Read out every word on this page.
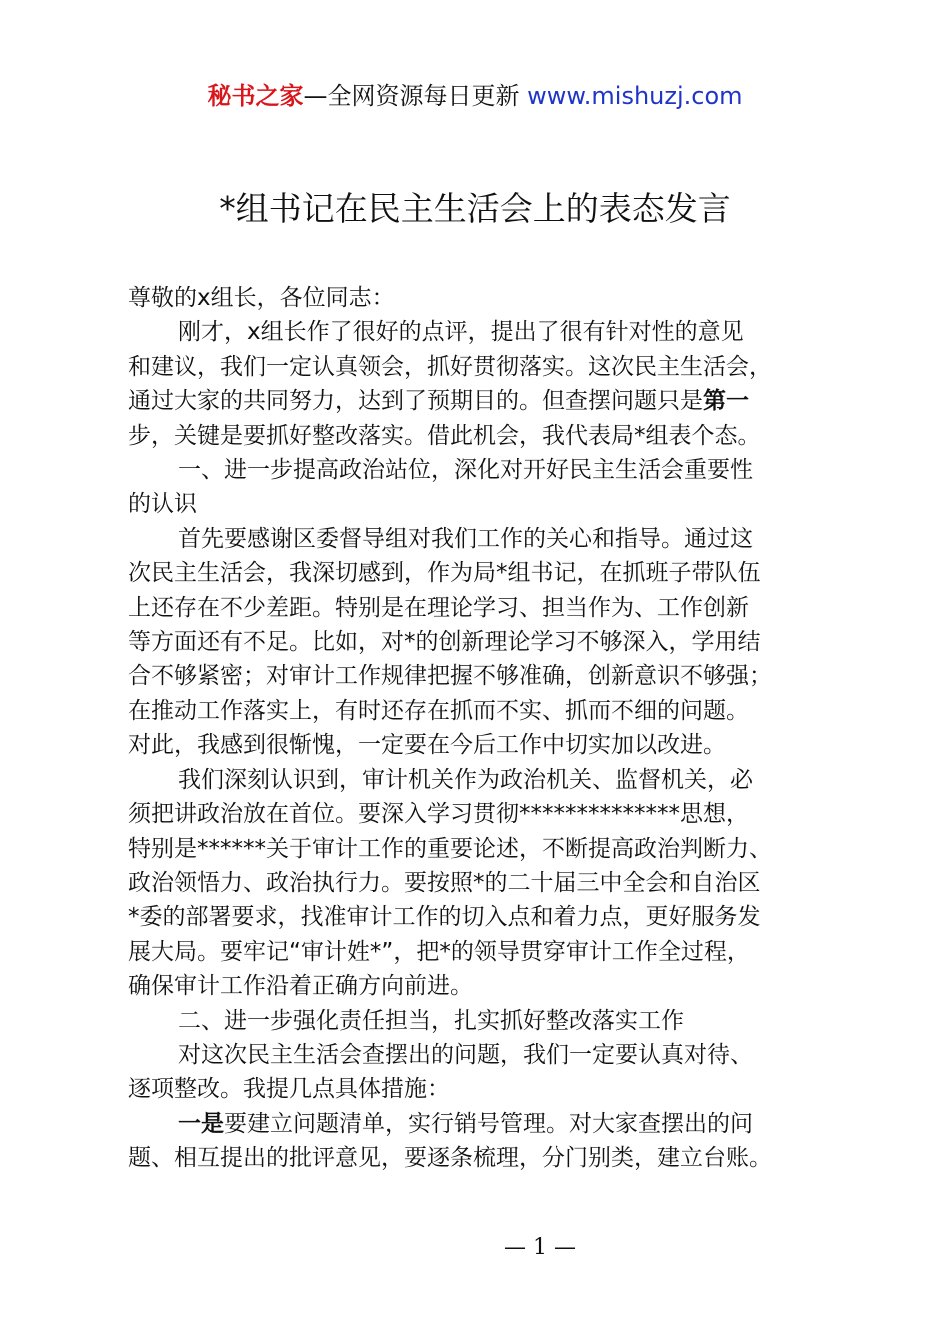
秘书之家—全网资源每日更新 www.mishuzj.com
*组书记在民主生活会上的表态发言

尊敬的x组长，各位同志：

刚才，x组长作了很好的点评，提出了很有针对性的意见

和建议，我们一定认真领会，抓好贯彻落实。这次民主生活会，

通过大家的共同努力，达到了预期目的。但查摆问题只是第一

步，关键是要抓好整改落实。借此机会，我代表局*组表个态。

一、进一步提高政治站位，深化对开好民主生活会重要性

的认识

首先要感谢区委督导组对我们工作的关心和指导。通过这

次民主生活会，我深切感到，作为局*组书记，在抓班子带队伍

上还存在不少差距。特别是在理论学习、担当作为、工作创新

等方面还有不足。比如，对*的创新理论学习不够深入，学用结

合不够紧密；对审计工作规律把握不够准确，创新意识不够强；

在推动工作落实上，有时还存在抓而不实、抓而不细的问题。

对此，我感到很惭愧，一定要在今后工作中切实加以改进。

我们深刻认识到，审计机关作为政治机关、监督机关，必

须把讲政治放在首位。要深入学习贯彻**************思想，

特别是******关于审计工作的重要论述，不断提高政治判断力、

政治领悟力、政治执行力。要按照*的二十届三中全会和自治区

*委的部署要求，找准审计工作的切入点和着力点，更好服务发

展大局。要牢记“审计姓*”，把*的领导贯穿审计工作全过程，

确保审计工作沿着正确方向前进。

二、进一步强化责任担当，扎实抓好整改落实工作

对这次民主生活会查摆出的问题，我们一定要认真对待、

逐项整改。我提几点具体措施：

一是要建立问题清单，实行销号管理。对大家查摆出的问

题、相互提出的批评意见，要逐条梳理，分门别类，建立台账。

— 1 —
